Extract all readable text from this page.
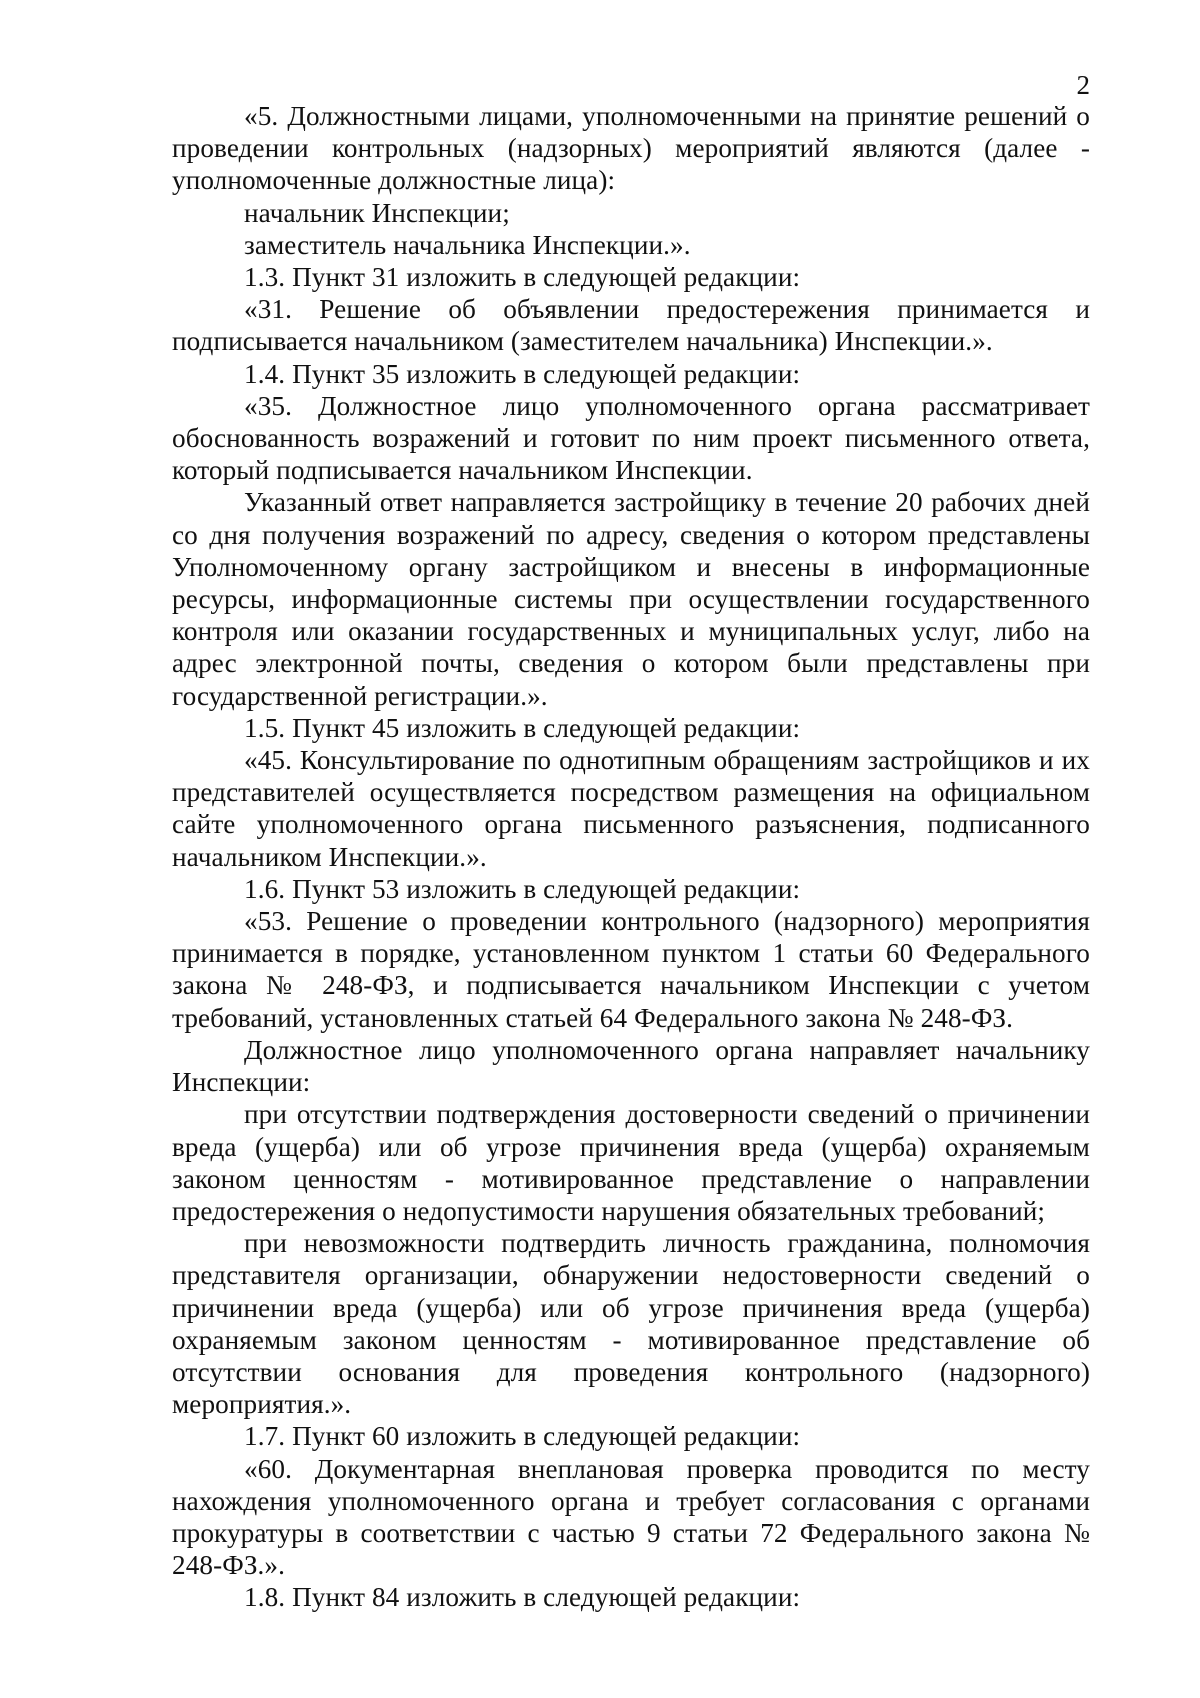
2

«5. Должностными лицами, уполномоченными на принятие решений о проведении контрольных (надзорных) мероприятий являются (далее - уполномоченные должностные лица):

начальник Инспекции;

заместитель начальника Инспекции.».

1.3. Пункт 31 изложить в следующей редакции:

«31. Решение об объявлении предостережения принимается и подписывается начальником (заместителем начальника) Инспекции.».

1.4. Пункт 35 изложить в следующей редакции:

«35. Должностное лицо уполномоченного органа рассматривает обоснованность возражений и готовит по ним проект письменного ответа, который подписывается начальником Инспекции.

Указанный ответ направляется застройщику в течение 20 рабочих дней со дня получения возражений по адресу, сведения о котором представлены Уполномоченному органу застройщиком и внесены в информационные ресурсы, информационные системы при осуществлении государственного контроля или оказании государственных и муниципальных услуг, либо на адрес электронной почты, сведения о котором были представлены при государственной регистрации.».

1.5. Пункт 45 изложить в следующей редакции:

«45. Консультирование по однотипным обращениям застройщиков и их представителей осуществляется посредством размещения на официальном сайте уполномоченного органа письменного разъяснения, подписанного начальником Инспекции.».

1.6. Пункт 53 изложить в следующей редакции:

«53. Решение о проведении контрольного (надзорного) мероприятия принимается в порядке, установленном пунктом 1 статьи 60 Федерального закона № 248-ФЗ, и подписывается начальником Инспекции с учетом требований, установленных статьей 64 Федерального закона № 248-ФЗ.

Должностное лицо уполномоченного органа направляет начальнику Инспекции:

при отсутствии подтверждения достоверности сведений о причинении вреда (ущерба) или об угрозе причинения вреда (ущерба) охраняемым законом ценностям - мотивированное представление о направлении предостережения о недопустимости нарушения обязательных требований;

при невозможности подтвердить личность гражданина, полномочия представителя организации, обнаружении недостоверности сведений о причинении вреда (ущерба) или об угрозе причинения вреда (ущерба) охраняемым законом ценностям - мотивированное представление об отсутствии основания для проведения контрольного (надзорного) мероприятия.».

1.7. Пункт 60 изложить в следующей редакции:

«60. Документарная внеплановая проверка проводится по месту нахождения уполномоченного органа и требует согласования с органами прокуратуры в соответствии с частью 9 статьи 72 Федерального закона № 248-ФЗ.».

1.8. Пункт 84 изложить в следующей редакции:
